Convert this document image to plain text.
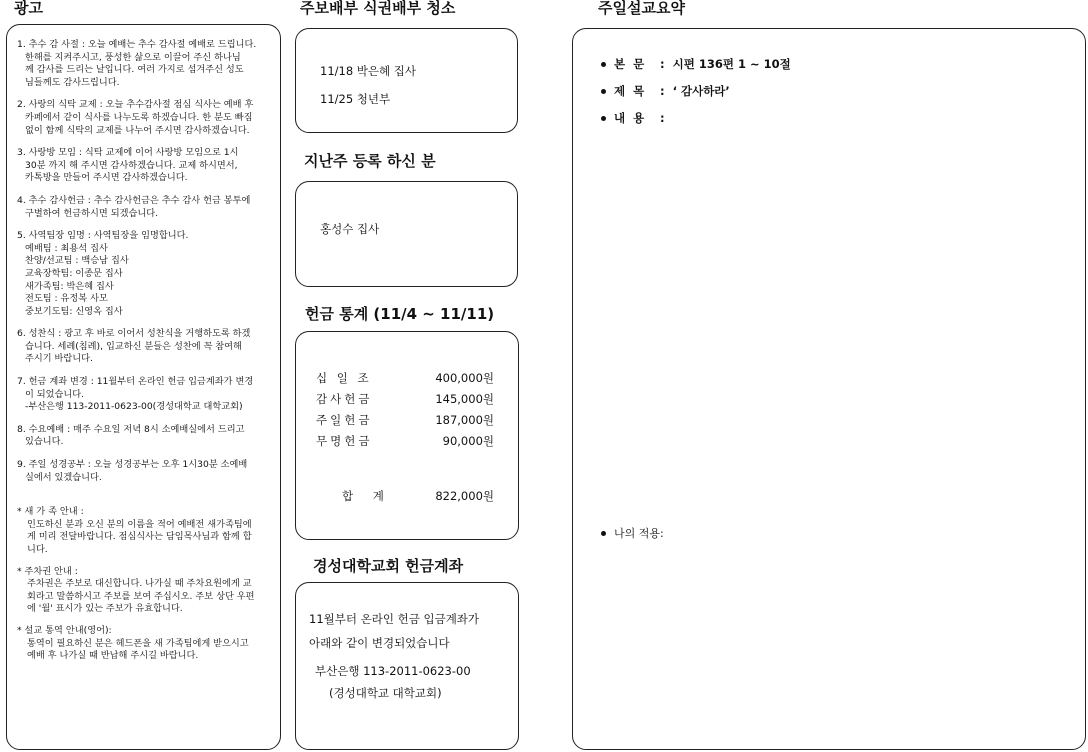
광고
1. 추수 감 사절 : 오늘 예배는 추수 감사절 예배로 드립니다.
한해를 지켜주시고, 풍성한 삶으로 이끌어 주신 하나님
께 감사를 드리는 날입니다. 여러 가지로 섬겨주신 성도
님들께도 감사드립니다.
2. 사랑의 식탁 교제 : 오늘 추수감사절 점심 식사는 예배 후
카페에서 같이 식사를 나누도록 하겠습니다. 한 분도 빠짐
없이 함께 식탁의 교제를 나누어 주시면 감사하겠습니다.
3. 사랑방 모임 : 식탁 교제에 이어 사랑방 모임으로 1시
30분 까지 해 주시면 감사하겠습니다. 교제 하시면서,
카톡방을 만들어 주시면 감사하겠습니다.
4. 추수 감사헌금 : 추수 감사헌금은 추수 감사 헌금 봉투에
구별하여 헌금하시면 되겠습니다.
5. 사역팀장 임명 : 사역팀장을 임명합니다.
예배팀 : 최용석 집사
찬양/선교팀 : 백승남 집사
교육장학팀: 이종문 집사
새가족팀: 박은혜 집사
전도팀 : 유정복 사모
중보기도팀: 신영옥 집사
6. 성찬식 : 광고 후 바로 이어서 성찬식을 거행하도록 하겠
습니다. 세례(침례), 입교하신 분들은 성찬에 꼭 참여해
주시기 바랍니다.
7. 헌금 계좌 변경 : 11월부터 온라인 헌금 입금계좌가 변경
이 되었습니다.
-부산은행 113-2011-0623-00(경성대학교 대학교회)
8. 수요예배 : 매주 수요일 저녁 8시 소예배실에서 드리고
있습니다.
9. 주일 성경공부 : 오늘 성경공부는 오후 1시30분 소예배
실에서 있겠습니다.
* 새 가 족 안내 :
인도하신 분과 오신 분의 이름을 적어 예배전 새가족팀에
게 미리 전달바랍니다. 점심식사는 담임목사님과 함께 합
니다.
* 주차권 안내 :
주차권은 주보로 대신합니다. 나가실 때 주차요원에게 교
회라고 말씀하시고 주보를 보여 주십시오. 주보 상단 우편
에 '월' 표시가 있는 주보가 유효합니다.
* 설교 통역 안내(영어):
통역이 필요하신 분은 헤드폰을 새 가족팀에게 받으시고
예배 후 나가실 때 반납해 주시길 바랍니다.
주보배부 식권배부 청소
11/18 박은혜 집사
11/25 청년부
지난주 등록 하신 분
홍성수 집사
헌금 통계 (11/4 ~ 11/11)
십 일 조	400,000원
감사헌금	145,000원
주일헌금	187,000원
무명헌금	90,000원
합 계	822,000원
경성대학교회 헌금계좌
11월부터 온라인 헌금 입금계좌가
아래와 같이 변경되었습니다
부산은행 113-2011-0623-00
(경성대학교 대학교회)
주일설교요약
본 문	: 시편 136편 1 ~ 10절
제 목	: ‘ 감사하라’
내 용	:
나의 적용:
